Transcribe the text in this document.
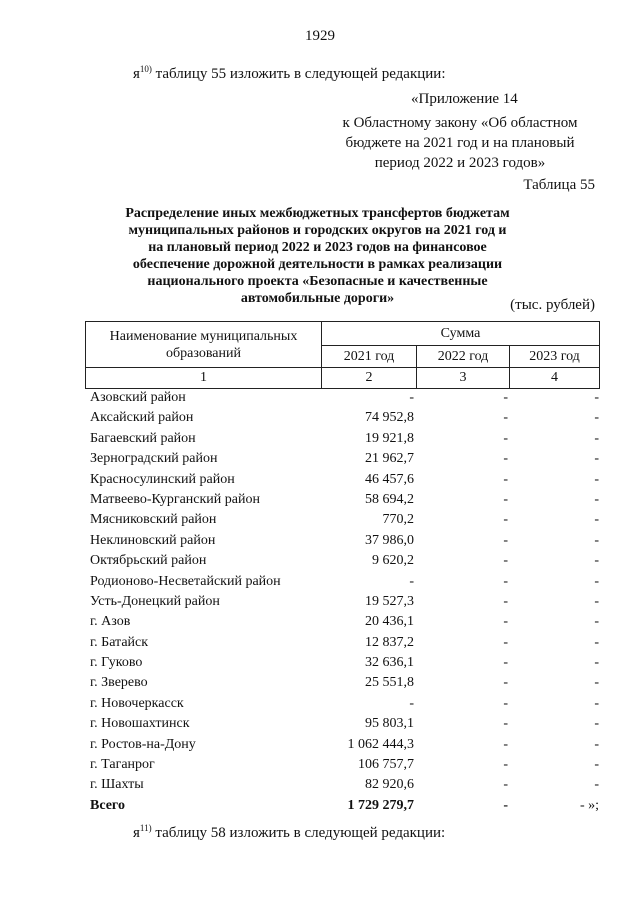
1929
$я^{10)}$ таблицу 55 изложить в следующей редакции:
«Приложение 14
к Областному закону «Об областном бюджете на 2021 год и на плановый период 2022 и 2023 годов»
Таблица 55
Распределение иных межбюджетных трансфертов бюджетам муниципальных районов и городских округов на 2021 год и на плановый период 2022 и 2023 годов на финансовое обеспечение дорожной деятельности в рамках реализации национального проекта «Безопасные и качественные автомобильные дороги»	(тыс. рублей)
Наименование муниципальных образований	Сумма		
	2021 год	2022 год	2023 год
1	2	3	4
Азовский район	-	-	-
Аксайский район	74 952,8	-	-
Багаевский район	19 921,8	-	-
Зерноградский район	21 962,7	-	-
Красносулинский район	46 457,6	-	-
Матвеево-Курганский район	58 694,2	-	-
Мясниковский район	770,2	-	-
Неклиновский район	37 986,0	-	-
Октябрьский район	9 620,2	-	-
Родионово-Несветайский район	-	-	-
Усть-Донецкий район	19 527,3	-	-
г. Азов	20 436,1	-	-
г. Батайск	12 837,2	-	-
г. Гуково	32 636,1	-	-
г. Зверево	25 551,8	-	-
г. Новочеркасск	-	-	-
г. Новошахтинск	95 803,1	-	-
г. Ростов-на-Дону	1 062 444,3	-	-
г. Таганрог	106 757,7	-	-
г. Шахты	82 920,6	-	-
Всего	1 729 279,7	-	- »;
$я^{11)}$ таблицу 58 изложить в следующей редакции:
